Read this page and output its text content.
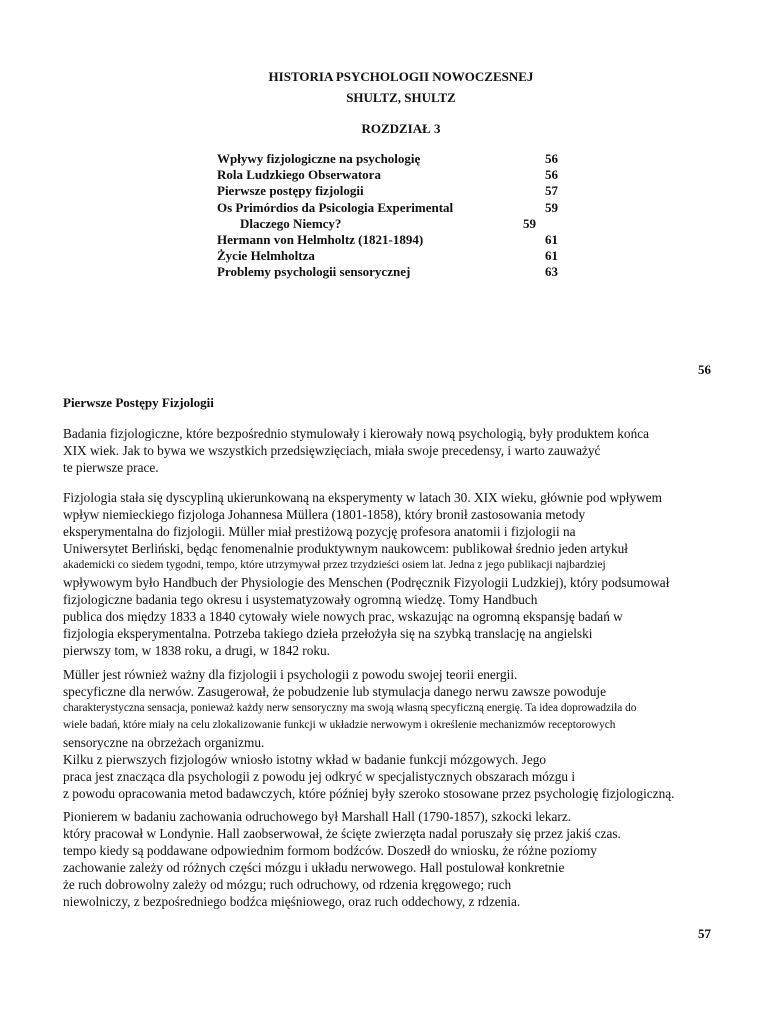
HISTORIA PSYCHOLOGII NOWOCZESNEJ
SHULTZ, SHULTZ
ROZDZIAŁ 3
Wpływy fizjologiczne na psychologię	56
Rola Ludzkiego Obserwatora	56
Pierwsze postępy fizjologii	57
Os Primórdios da Psicologia Experimental	59
Dlaczego Niemcy?	59
Hermann von Helmholtz (1821-1894)	61
Życie Helmholtza	61
Problemy psychologii sensorycznej	63
56
Pierwsze Postępy Fizjologii
Badania fizjologiczne, które bezpośrednio stymulowały i kierowały nową psychologią, były produktem końca
XIX wiek. Jak to bywa we wszystkich przedsięwzięciach, miała swoje precedensy, i warto zauważyć
te pierwsze prace.
Fizjologia stała się dyscypliną ukierunkowaną na eksperymenty w latach 30. XIX wieku, głównie pod wpływem
wpływ niemieckiego fizjologa Johannesa Müllera (1801-1858), który bronił zastosowania metody
eksperymentalna do fizjologii. Müller miał prestiżową pozycję profesora anatomii i fizjologii na
Uniwersytet Berliński, będąc fenomenalnie produktywnym naukowcem: publikował średnio jeden artykuł
akademicki co siedem tygodni, tempo, które utrzymywał przez trzydzieści osiem lat. Jedna z jego publikacji najbardziej
wpływowym było Handbuch der Physiologie des Menschen (Podręcznik Fizyologii Ludzkiej), który podsumował
fizjologiczne badania tego okresu i usystematyzowały ogromną wiedzę. Tomy Handbuch
publica dos między 1833 a 1840 cytowały wiele nowych prac, wskazując na ogromną ekspansję badań w
fizjologia eksperymentalna. Potrzeba takiego dzieła przełożyła się na szybką translację na angielski
pierwszy tom, w 1838 roku, a drugi, w 1842 roku.
Müller jest również ważny dla fizjologii i psychologii z powodu swojej teorii energii.
specyficzne dla nerwów. Zasugerował, że pobudzenie lub stymulacja danego nerwu zawsze powoduje
charakterystyczna sensacja, ponieważ każdy nerw sensoryczny ma swoją własną specyficzną energię. Ta idea doprowadziła do
wiele badań, które miały na celu zlokalizowanie funkcji w układzie nerwowym i określenie mechanizmów receptorowych
sensoryczne na obrzeżach organizmu.
Kilku z pierwszych fizjologów wniosło istotny wkład w badanie funkcji mózgowych. Jego
praca jest znacząca dla psychologii z powodu jej odkryć w specjalistycznych obszarach mózgu i
z powodu opracowania metod badawczych, które później były szeroko stosowane przez psychologię fizjologiczną.
Pionierem w badaniu zachowania odruchowego był Marshall Hall (1790-1857), szkocki lekarz.
który pracował w Londynie. Hall zaobserwował, że ścięte zwierzęta nadal poruszały się przez jakiś czas.
tempo kiedy są poddawane odpowiednim formom bodźców. Doszedł do wniosku, że różne poziomy
zachowanie zależy od różnych części mózgu i układu nerwowego. Hall postulował konkretnie
że ruch dobrowolny zależy od mózgu; ruch odruchowy, od rdzenia kręgowego; ruch
niewolniczy, z bezpośredniego bodźca mięśniowego, oraz ruch oddechowy, z rdzenia.
57
